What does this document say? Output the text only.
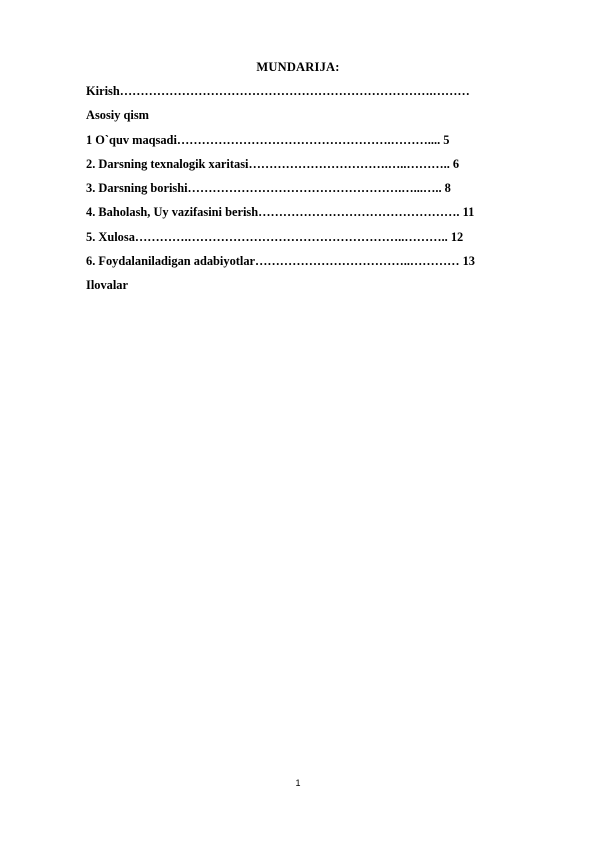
MUNDARIJA:
Kirish………………………………………………………………….………
Asosiy qism
1 O`quv maqsadi…………………………………………….……….... 5
2. Darsning texnalogik xaritasi…………………………….…..……….. 6
3. Darsning borishi…………………………………………….…...….. 8
4. Baholash, Uy vazifasini berish…………………………………………. 11
5. Xulosa………….……………………………………………..……….. 12
6. Foydalaniladigan adabiyotlar………………………………..………… 13
Ilovalar
1
